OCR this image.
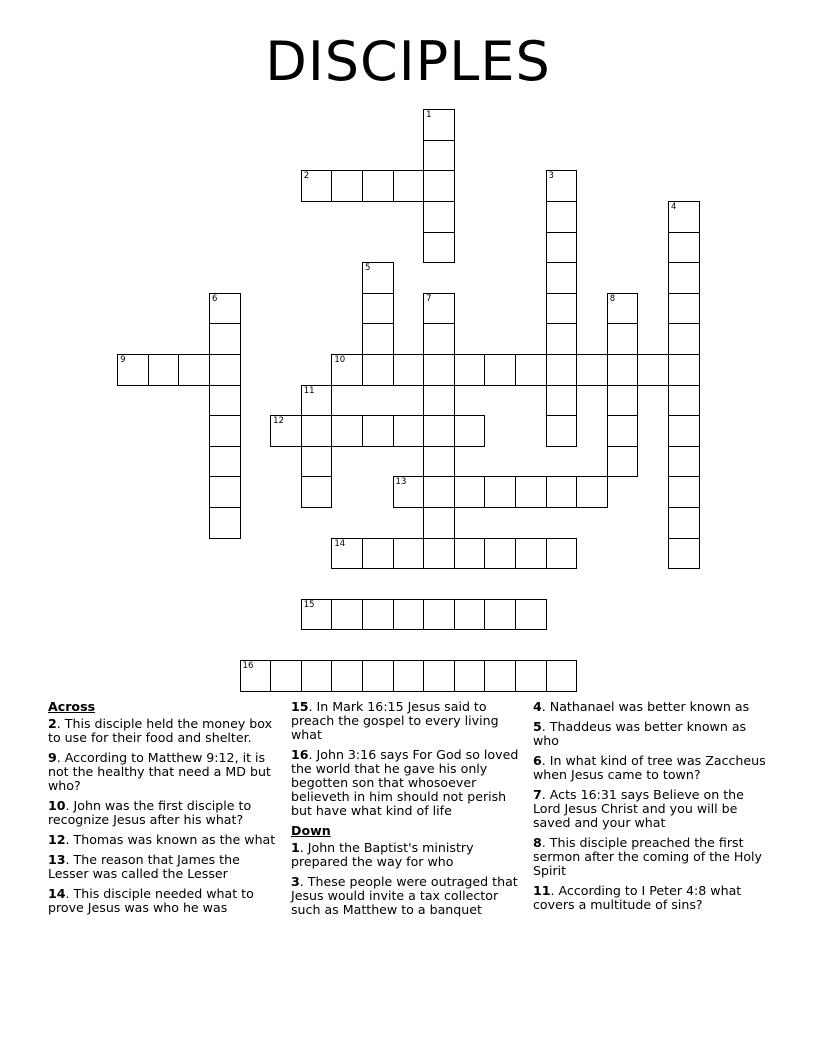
DISCIPLES
1
2	3
4
5
6	7	8
9	10
11
12
13
14
15
16
Across
2. This disciple held the money box to use for their food and shelter.
9. According to Matthew 9:12, it is not the healthy that need a MD but who?
10. John was the first disciple to recognize Jesus after his what?
12. Thomas was known as the what
13. The reason that James the Lesser was called the Lesser
14. This disciple needed what to prove Jesus was who he was
15. In Mark 16:15 Jesus said to preach the gospel to every living what
16. John 3:16 says For God so loved the world that he gave his only begotten son that whosoever believeth in him should not perish but have what kind of life
Down
1. John the Baptist's ministry prepared the way for who
3. These people were outraged that Jesus would invite a tax collector such as Matthew to a banquet
4. Nathanael was better known as
5. Thaddeus was better known as who
6. In what kind of tree was Zaccheus when Jesus came to town?
7. Acts 16:31 says Believe on the Lord Jesus Christ and you will be saved and your what
8. This disciple preached the first sermon after the coming of the Holy Spirit
11. According to I Peter 4:8 what covers a multitude of sins?
